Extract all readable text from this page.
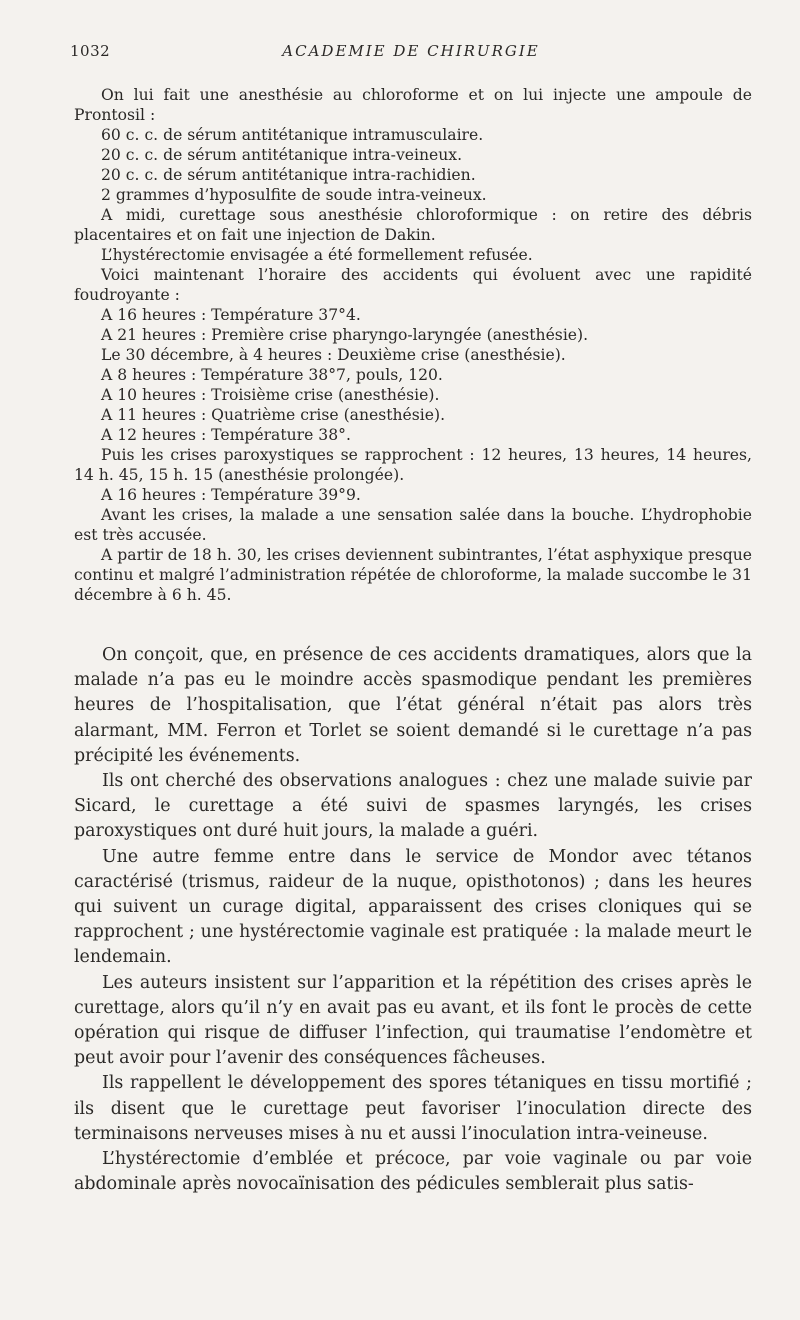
1032	ACADEMIE DE CHIRURGIE

On lui fait une anesthésie au chloroforme et on lui injecte une ampoule de Prontosil :

60 c. c. de sérum antitétanique intramusculaire.

20 c. c. de sérum antitétanique intra-veineux.

20 c. c. de sérum antitétanique intra-rachidien.

2 grammes d’hyposulfite de soude intra-veineux.

A midi, curettage sous anesthésie chloroformique : on retire des débris placentaires et on fait une injection de Dakin.

L’hystérectomie envisagée a été formellement refusée.

Voici maintenant l’horaire des accidents qui évoluent avec une rapidité foudroyante :

A 16 heures : Température 37°4.

A 21 heures : Première crise pharyngo-laryngée (anesthésie).

Le 30 décembre, à 4 heures : Deuxième crise (anesthésie).

A 8 heures : Température 38°7, pouls, 120.

A 10 heures : Troisième crise (anesthésie).

A 11 heures : Quatrième crise (anesthésie).

A 12 heures : Température 38°.

Puis les crises paroxystiques se rapprochent : 12 heures, 13 heures, 14 heures, 14 h. 45, 15 h. 15 (anesthésie prolongée).

A 16 heures : Température 39°9.

Avant les crises, la malade a une sensation salée dans la bouche. L’hydrophobie est très accusée.

A partir de 18 h. 30, les crises deviennent subintrantes, l’état asphyxique presque continu et malgré l’administration répétée de chloroforme, la malade succombe le 31 décembre à 6 h. 45.

On conçoit, que, en présence de ces accidents dramatiques, alors que la malade n’a pas eu le moindre accès spasmodique pendant les premières heures de l’hospitalisation, que l’état général n’était pas alors très alarmant, MM. Ferron et Torlet se soient demandé si le curettage n’a pas précipité les événements.

Ils ont cherché des observations analogues : chez une malade suivie par Sicard, le curettage a été suivi de spasmes laryngés, les crises paroxystiques ont duré huit jours, la malade a guéri.

Une autre femme entre dans le service de Mondor avec tétanos caractérisé (trismus, raideur de la nuque, opisthotonos) ; dans les heures qui suivent un curage digital, apparaissent des crises cloniques qui se rapprochent ; une hystérectomie vaginale est pratiquée : la malade meurt le lendemain.

Les auteurs insistent sur l’apparition et la répétition des crises après le curettage, alors qu’il n’y en avait pas eu avant, et ils font le procès de cette opération qui risque de diffuser l’infection, qui traumatise l’endomètre et peut avoir pour l’avenir des conséquences fâcheuses.

Ils rappellent le développement des spores tétaniques en tissu mortifié ; ils disent que le curettage peut favoriser l’inoculation directe des terminaisons nerveuses mises à nu et aussi l’inoculation intra-veineuse.

L’hystérectomie d’emblée et précoce, par voie vaginale ou par voie abdominale après novocaïnisation des pédicules semblerait plus satis-
